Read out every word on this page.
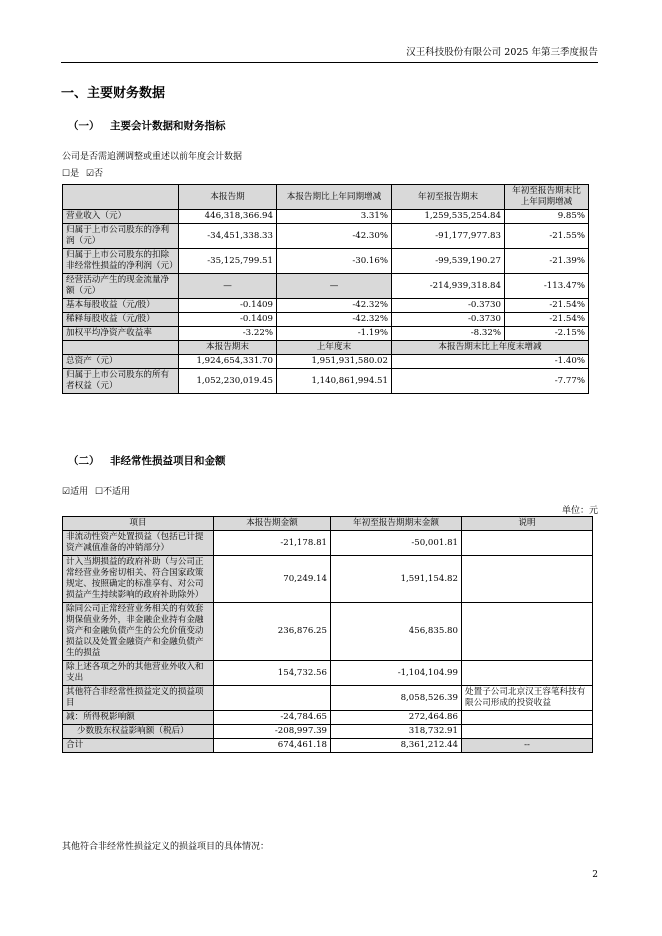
汉王科技股份有限公司 2025 年第三季度报告
一、主要财务数据
（一） 主要会计数据和财务指标
公司是否需追溯调整或重述以前年度会计数据
☐是 ☑否
	本报告期	本报告期比上年同期增减	年初至报告期末	年初至报告期末比上年同期增减
营业收入（元）	446,318,366.94	3.31%	1,259,535,254.84	9.85%
归属于上市公司股东的净利润（元）	-34,451,338.33	-42.30%	-91,177,977.83	-21.55%
归属于上市公司股东的扣除非经常性损益的净利润（元）	-35,125,799.51	-30.16%	-99,539,190.27	-21.39%
经营活动产生的现金流量净额（元）	—	—	-214,939,318.84	-113.47%
基本每股收益（元/股）	-0.1409	-42.32%	-0.3730	-21.54%
稀释每股收益（元/股）	-0.1409	-42.32%	-0.3730	-21.54%
加权平均净资产收益率	-3.22%	-1.19%	-8.32%	-2.15%
	本报告期末	上年度末	本报告期末比上年度末增减	
总资产（元）	1,924,654,331.70	1,951,931,580.02	-1.40%	
归属于上市公司股东的所有者权益（元）	1,052,230,019.45	1,140,861,994.51	-7.77%	
（二） 非经常性损益项目和金额
☑适用 ☐不适用
单位：元
项目	本报告期金额	年初至报告期期末金额	说明
非流动性资产处置损益（包括已计提资产减值准备的冲销部分）	-21,178.81	-50,001.81	
计入当期损益的政府补助（与公司正常经营业务密切相关、符合国家政策规定、按照确定的标准享有、对公司损益产生持续影响的政府补助除外）	70,249.14	1,591,154.82	
除同公司正常经营业务相关的有效套期保值业务外，非金融企业持有金融资产和金融负债产生的公允价值变动损益以及处置金融资产和金融负债产生的损益	236,876.25	456,835.80	
除上述各项之外的其他营业外收入和支出	154,732.56	-1,104,104.99	
其他符合非经常性损益定义的损益项目		8,058,526.39	处置子公司北京汉王容笔科技有限公司形成的投资收益
减：所得税影响额	-24,784.65	272,464.86	
少数股东权益影响额（税后）	-208,997.39	318,732.91	
合计	674,461.18	8,361,212.44	--
其他符合非经常性损益定义的损益项目的具体情况：
2
